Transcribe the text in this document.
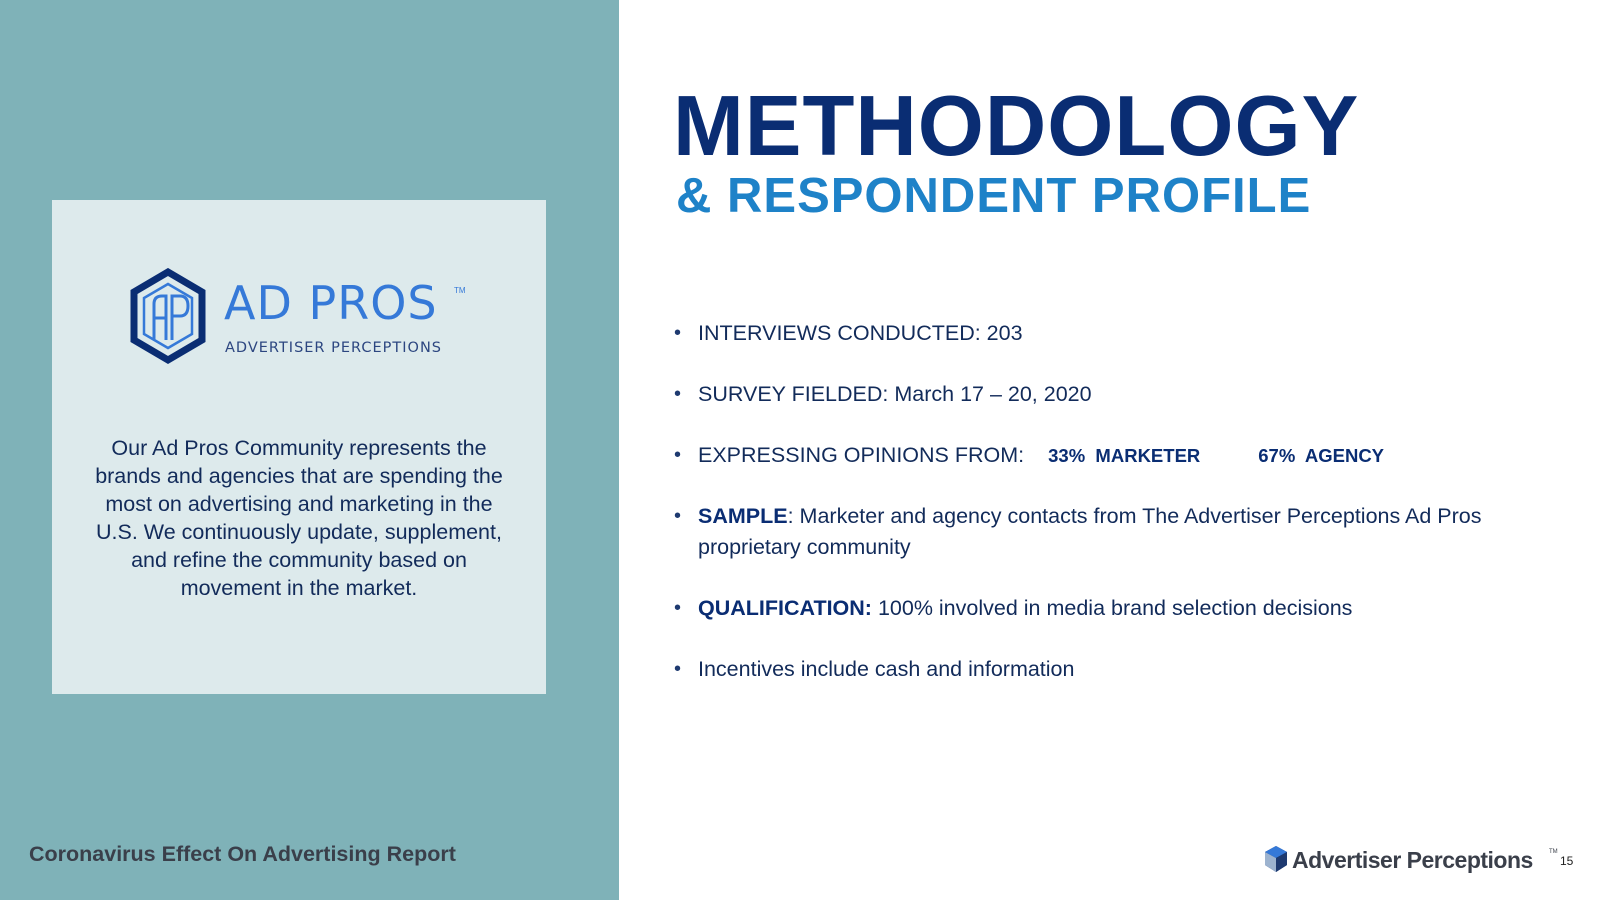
AD PROS TM
ADVERTISER PERCEPTIONS
Our Ad Pros Community represents the brands and agencies that are spending the most on advertising and marketing in the U.S. We continuously update, supplement, and refine the community based on movement in the market.
Coronavirus Effect On Advertising Report
METHODOLOGY
& RESPONDENT PROFILE
• INTERVIEWS CONDUCTED: 203
• SURVEY FIELDED: March 17 – 20, 2020
• EXPRESSING OPINIONS FROM: 33%  MARKETER	67%  AGENCY
• SAMPLE: Marketer and agency contacts from The Advertiser Perceptions Ad Pros proprietary community
• QUALIFICATION: 100% involved in media brand selection decisions
• Incentives include cash and information
Advertiser Perceptions	TM
15
